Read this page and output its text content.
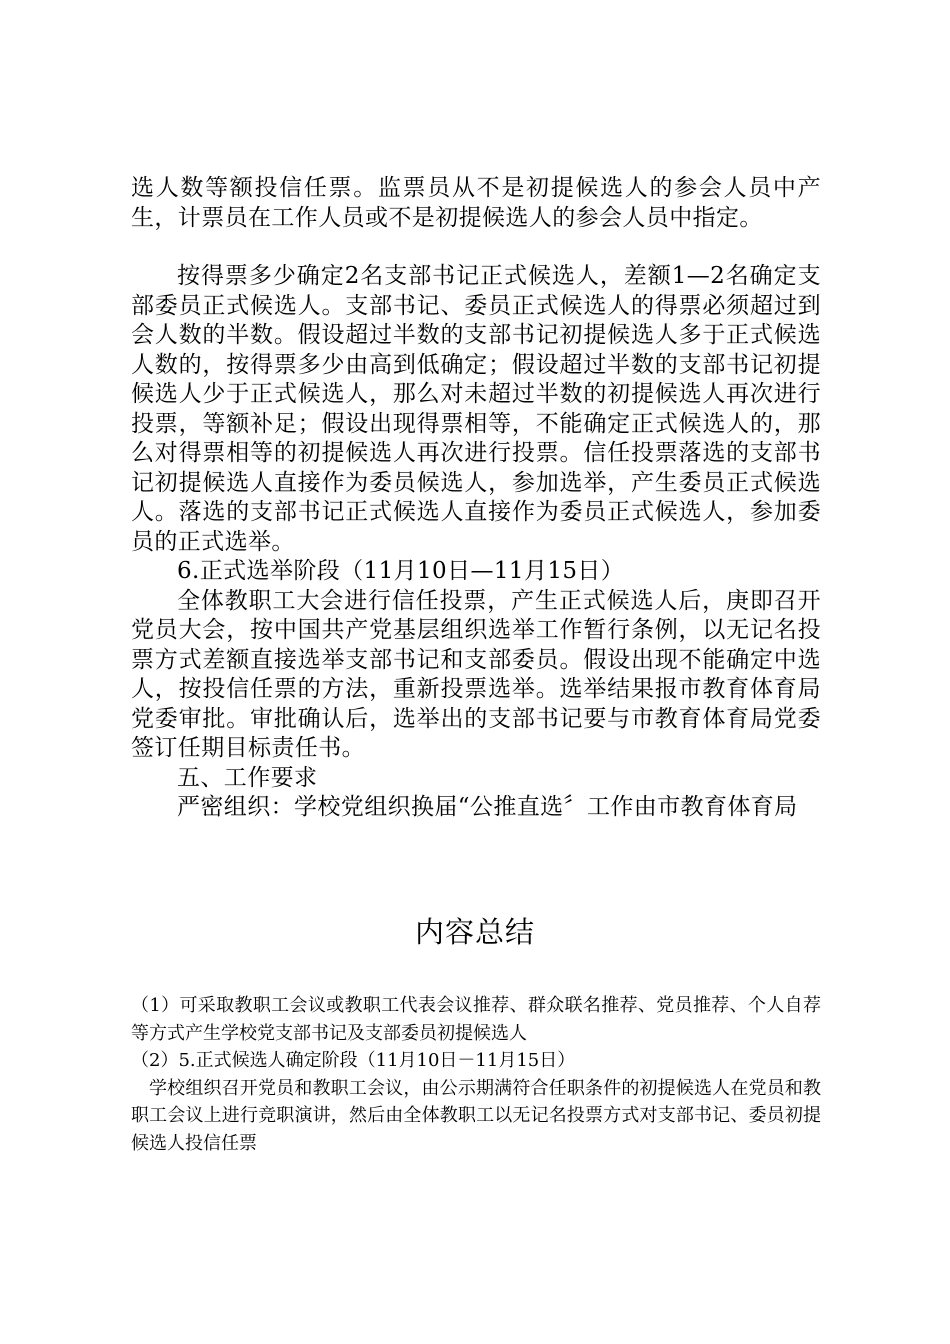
选人数等额投信任票。监票员从不是初提候选人的参会人员中产生，计票员在工作人员或不是初提候选人的参会人员中指定。

按得票多少确定2名支部书记正式候选人，差额1—2名确定支部委员正式候选人。支部书记、委员正式候选人的得票必须超过到会人数的半数。假设超过半数的支部书记初提候选人多于正式候选人数的，按得票多少由高到低确定；假设超过半数的支部书记初提候选人少于正式候选人，那么对未超过半数的初提候选人再次进行投票，等额补足；假设出现得票相等，不能确定正式候选人的，那么对得票相等的初提候选人再次进行投票。信任投票落选的支部书记初提候选人直接作为委员候选人，参加选举，产生委员正式候选人。落选的支部书记正式候选人直接作为委员正式候选人，参加委员的正式选举。

6.正式选举阶段（11月10日—11月15日）

全体教职工大会进行信任投票，产生正式候选人后，庚即召开党员大会，按中国共产党基层组织选举工作暂行条例，以无记名投票方式差额直接选举支部书记和支部委员。假设出现不能确定中选人，按投信任票的方法，重新投票选举。选举结果报市教育体育局党委审批。审批确认后，选举出的支部书记要与市教育体育局党委签订任期目标责任书。

五、工作要求

严密组织：学校党组织换届“公推直选〞工作由市教育体育局

内容总结

（1）可采取教职工会议或教职工代表会议推荐、群众联名推荐、党员推荐、个人自荐等方式产生学校党支部书记及支部委员初提候选人

（2）5.正式候选人确定阶段（11月10日－11月15日）

学校组织召开党员和教职工会议，由公示期满符合任职条件的初提候选人在党员和教职工会议上进行竞职演讲，然后由全体教职工以无记名投票方式对支部书记、委员初提候选人投信任票
